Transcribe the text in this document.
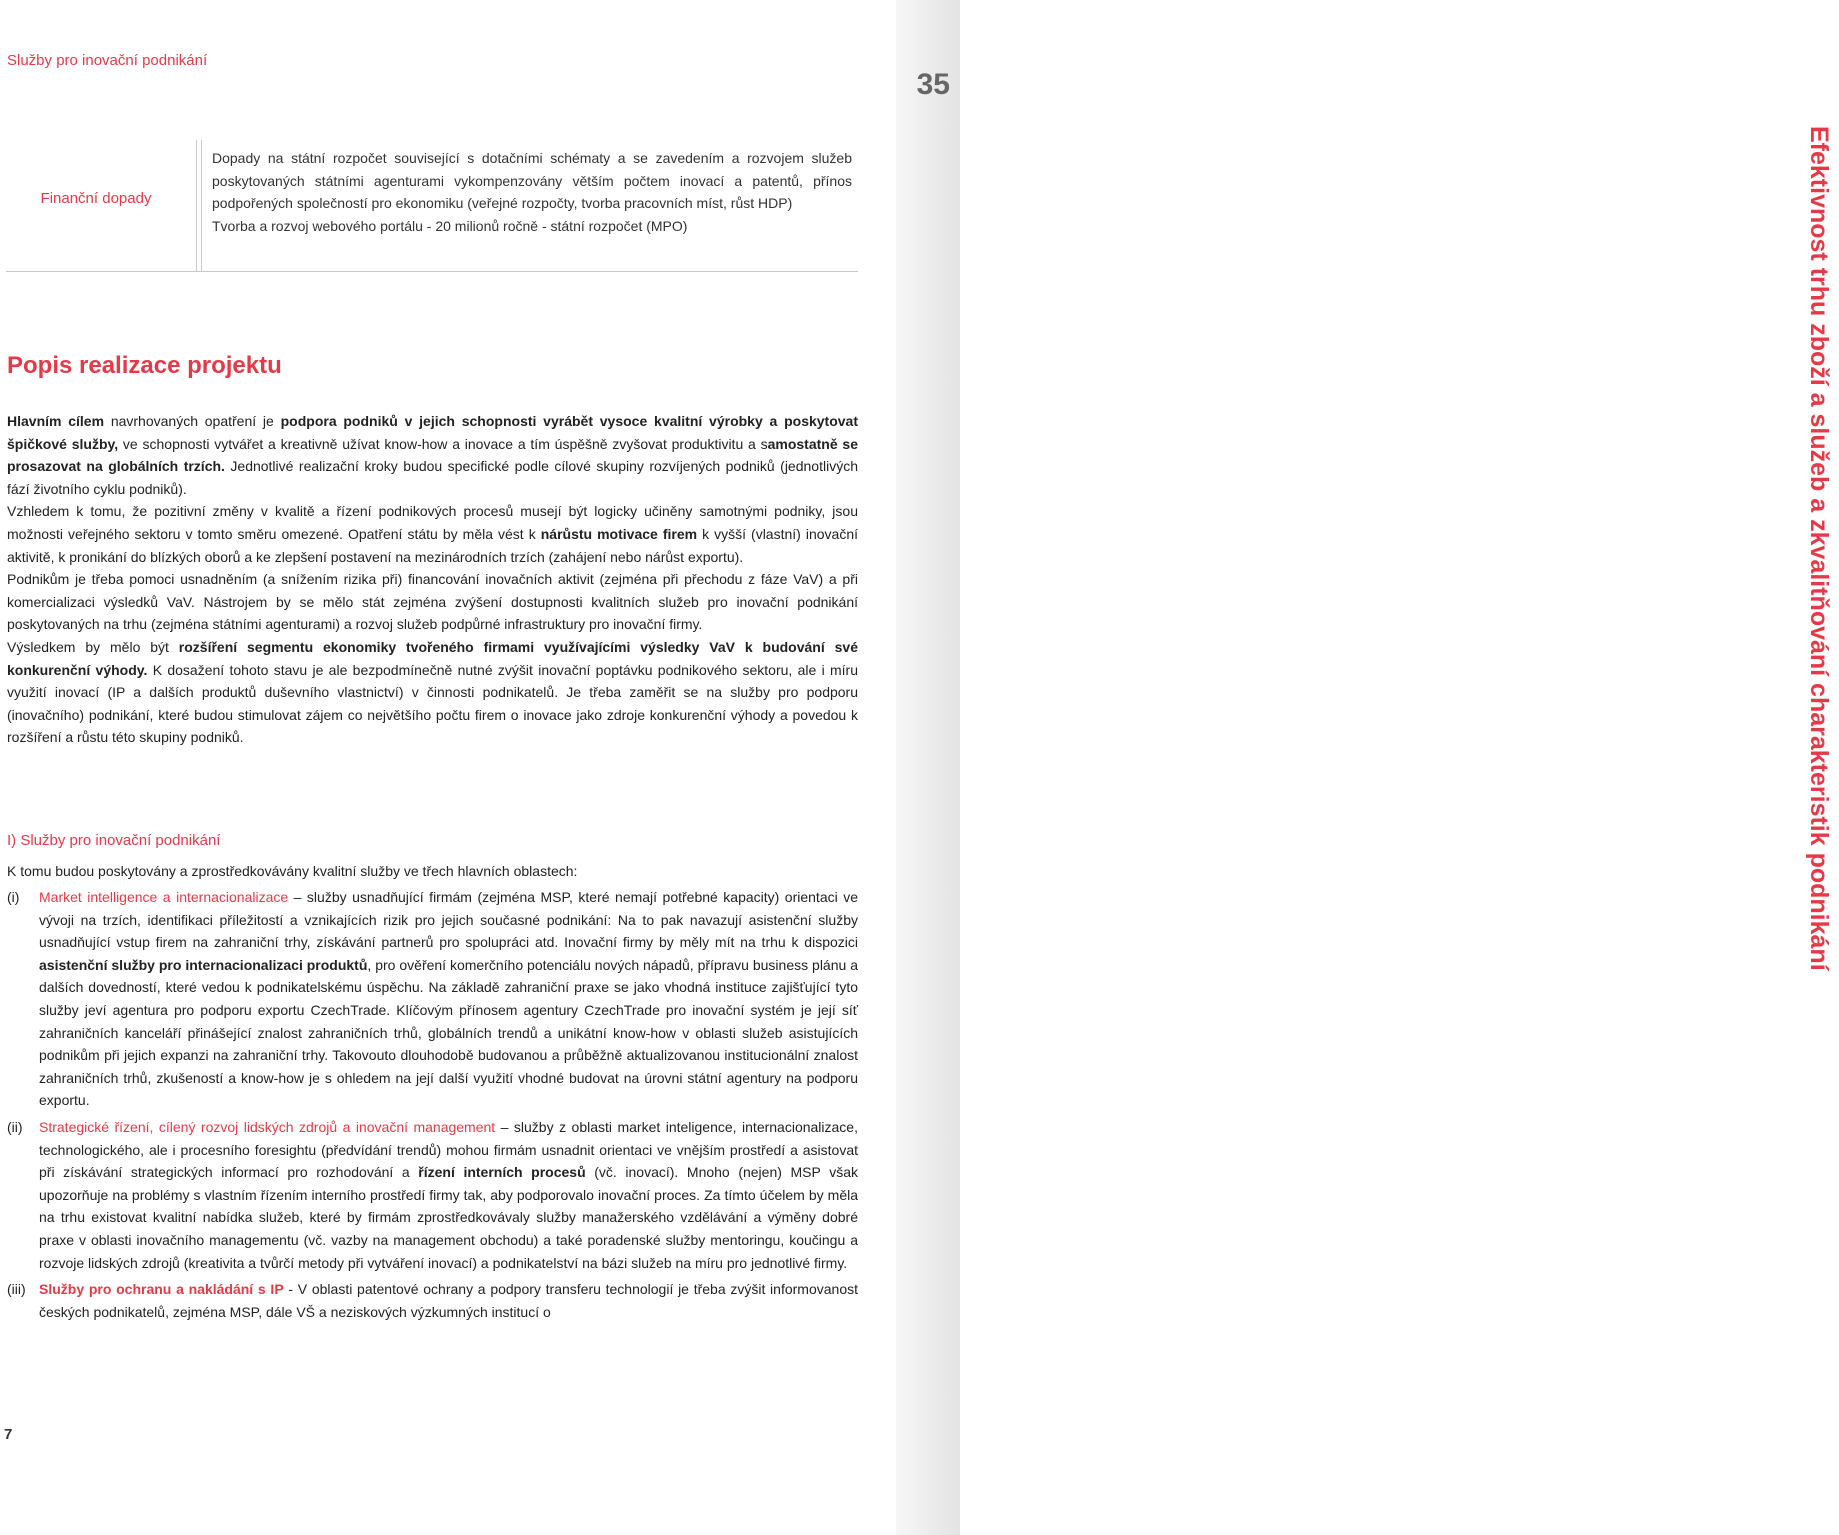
Služby pro inovační podnikání
35
Efektivnost trhu zboží a služeb a zkvalitňování charakteristik podnikání
Finanční dopady

Dopady na státní rozpočet související s dotačními schématy a se zavedením a rozvojem služeb poskytovaných státními agenturami vykompenzovány větším počtem inovací a patentů, přínos podpořených společností pro ekonomiku (veřejné rozpočty, tvorba pracovních míst, růst HDP)

Tvorba a rozvoj webového portálu - 20 milionů ročně - státní rozpočet (MPO)

Popis realizace projektu

Hlavním cílem navrhovaných opatření je podpora podniků v jejich schopnosti vyrábět vysoce kvalitní výrobky a poskytovat špičkové služby, ve schopnosti vytvářet a kreativně užívat know-how a inovace a tím úspěšně zvyšovat produktivitu a samostatně se prosazovat na globálních trzích. Jednotlivé realizační kroky budou specifické podle cílové skupiny rozvíjených podniků (jednotlivých fází životního cyklu podniků).

Vzhledem k tomu, že pozitivní změny v kvalitě a řízení podnikových procesů musejí být logicky učiněny samotnými podniky, jsou možnosti veřejného sektoru v tomto směru omezené. Opatření státu by měla vést k nárůstu motivace firem k vyšší (vlastní) inovační aktivitě, k pronikání do blízkých oborů a ke zlepšení postavení na mezinárodních trzích (zahájení nebo nárůst exportu).

Podnikům je třeba pomoci usnadněním (a snížením rizika při) financování inovačních aktivit (zejména při přechodu z fáze VaV) a při komercializaci výsledků VaV. Nástrojem by se mělo stát zejména zvýšení dostupnosti kvalitních služeb pro inovační podnikání poskytovaných na trhu (zejména státními agenturami) a rozvoj služeb podpůrné infrastruktury pro inovační firmy.

Výsledkem by mělo být rozšíření segmentu ekonomiky tvořeného firmami využívajícími výsledky VaV k budování své konkurenční výhody. K dosažení tohoto stavu je ale bezpodmínečně nutné zvýšit inovační poptávku podnikového sektoru, ale i míru využití inovací (IP a dalších produktů duševního vlastnictví) v činnosti podnikatelů. Je třeba zaměřit se na služby pro podporu (inovačního) podnikání, které budou stimulovat zájem co největšího počtu firem o inovace jako zdroje konkurenční výhody a povedou k rozšíření a růstu této skupiny podniků.

I) Služby pro inovační podnikání

K tomu budou poskytovány a zprostředkovávány kvalitní služby ve třech hlavních oblastech:

(i) Market intelligence a internacionalizace – služby usnadňující firmám (zejména MSP, které nemají potřebné kapacity) orientaci ve vývoji na trzích, identifikaci příležitostí a vznikajících rizik pro jejich současné podnikání: Na to pak navazují asistenční služby usnadňující vstup firem na zahraniční trhy, získávání partnerů pro spolupráci atd. Inovační firmy by měly mít na trhu k dispozici asistenční služby pro internacionalizaci produktů, pro ověření komerčního potenciálu nových nápadů, přípravu business plánu a dalších dovedností, které vedou k podnikatelskému úspěchu. Na základě zahraniční praxe se jako vhodná instituce zajišťující tyto služby jeví agentura pro podporu exportu CzechTrade. Klíčovým přínosem agentury CzechTrade pro inovační systém je její síť zahraničních kanceláří přinášející znalost zahraničních trhů, globálních trendů a unikátní know-how v oblasti služeb asistujících podnikům při jejich expanzi na zahraniční trhy. Takovouto dlouhodobě budovanou a průběžně aktualizovanou institucionální znalost zahraničních trhů, zkušeností a know-how je s ohledem na její další využití vhodné budovat na úrovni státní agentury na podporu exportu.
(ii) Strategické řízení, cílený rozvoj lidských zdrojů a inovační management – služby z oblasti market inteligence, internacionalizace, technologického, ale i procesního foresightu (předvídání trendů) mohou firmám usnadnit orientaci ve vnějším prostředí a asistovat při získávání strategických informací pro rozhodování a řízení interních procesů (vč. inovací). Mnoho (nejen) MSP však upozorňuje na problémy s vlastním řízením interního prostředí firmy tak, aby podporovalo inovační proces. Za tímto účelem by měla na trhu existovat kvalitní nabídka služeb, které by firmám zprostředkovávaly služby manažerského vzdělávání a výměny dobré praxe v oblasti inovačního managementu (vč. vazby na management obchodu) a také poradenské služby mentoringu, koučingu a rozvoje lidských zdrojů (kreativita a tvůrčí metody při vytváření inovací) a podnikatelství na bázi služeb na míru pro jednotlivé firmy.
(iii) Služby pro ochranu a nakládání s IP - V oblasti patentové ochrany a podpory transferu technologií je třeba zvýšit informovanost českých podnikatelů, zejména MSP, dále VŠ a neziskových výzkumných institucí o
7
